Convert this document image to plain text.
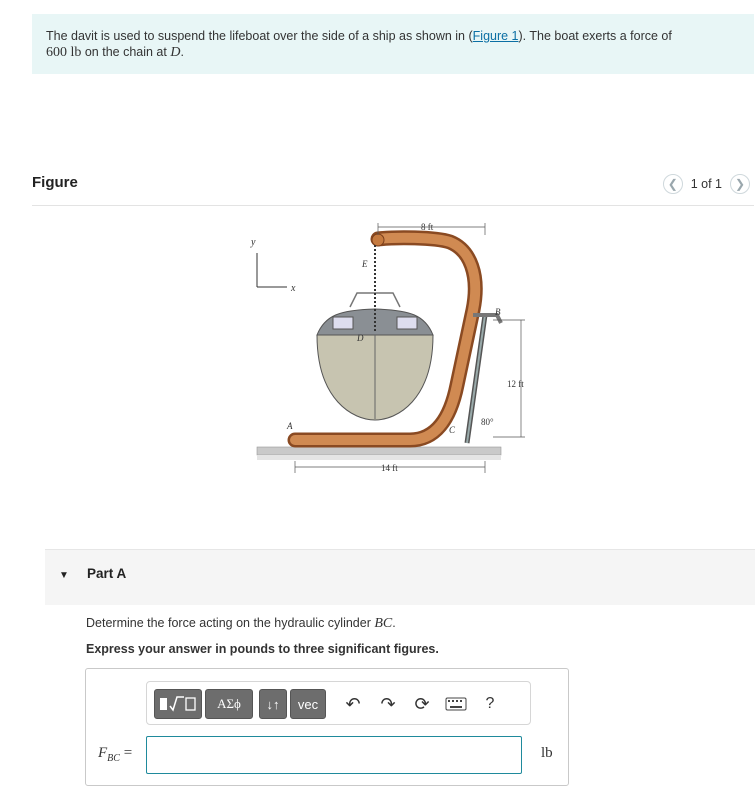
The davit is used to suspend the lifeboat over the side of a ship as shown in (Figure 1). The boat exerts a force of
600 lb on the chain at D.
Figure	❮	1 of 1	❯
y
x
8 ft
14 ft
12 ft
80°
A
B
C
D
E
▼ Part A
Determine the force acting on the hydraulic cylinder BC.
Express your answer in pounds to three significant figures.
ΑΣϕ	↓↑	vec	↶	↷	⟳	?
$F_{BC}$ =	lb
